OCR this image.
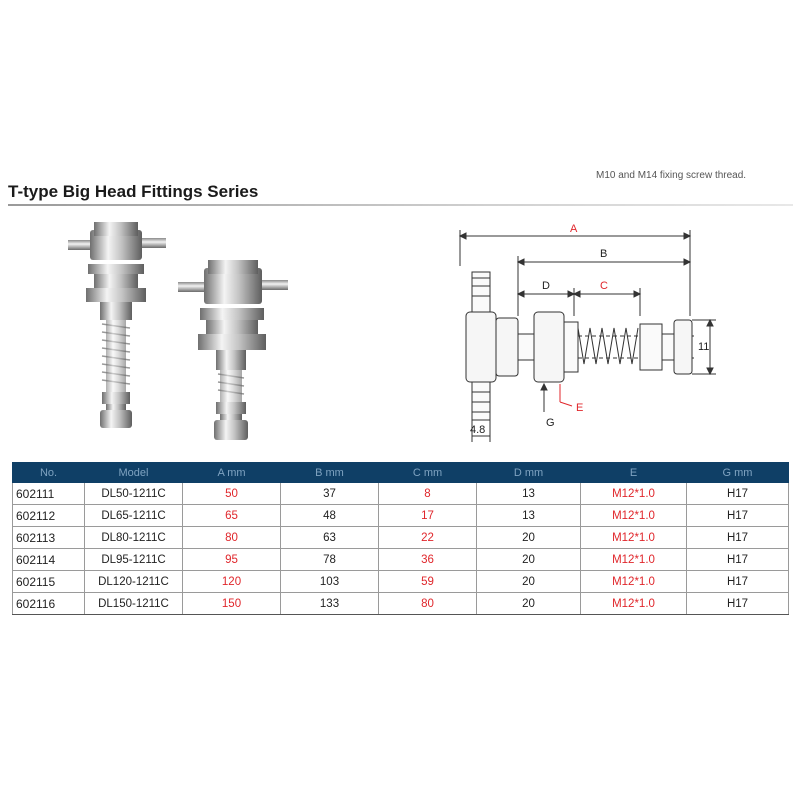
M10 and M14 fixing screw thread.
T-type Big Head Fittings Series
A
B
D	C
11
E
G
4.8
No.	Model	A mm	B mm	C mm	D mm	E	G mm
602111	DL50-1211C	50	37	8	13	M12*1.0	H17
602112	DL65-1211C	65	48	17	13	M12*1.0	H17
602113	DL80-1211C	80	63	22	20	M12*1.0	H17
602114	DL95-1211C	95	78	36	20	M12*1.0	H17
602115	DL120-1211C	120	103	59	20	M12*1.0	H17
602116	DL150-1211C	150	133	80	20	M12*1.0	H17
